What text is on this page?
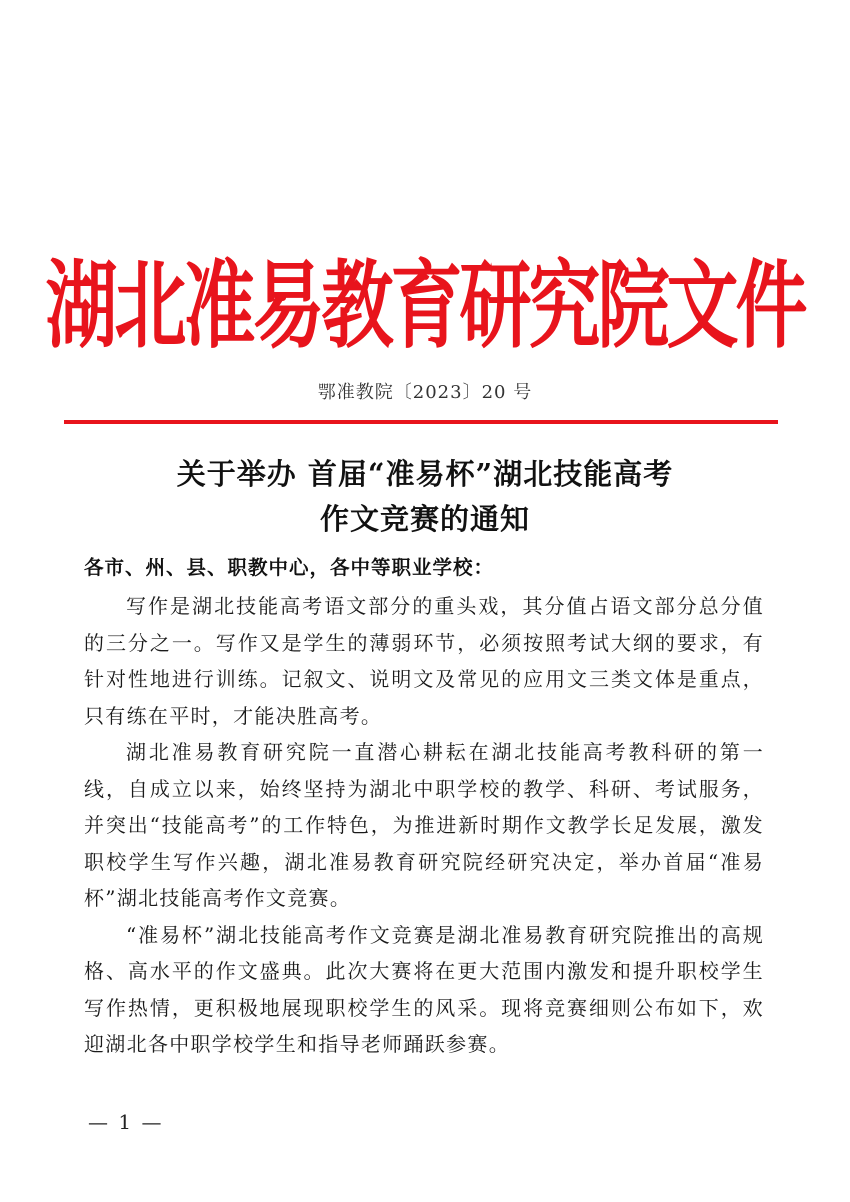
湖北准易教育研究院文件
鄂准教院〔2023〕20 号
关于举办 首届“准易杯”湖北技能高考
作文竞赛的通知
各市、州、县、职教中心，各中等职业学校：

写作是湖北技能高考语文部分的重头戏，其分值占语文部分总分值的三分之一。写作又是学生的薄弱环节，必须按照考试大纲的要求，有针对性地进行训练。记叙文、说明文及常见的应用文三类文体是重点，只有练在平时，才能决胜高考。

湖北准易教育研究院一直潜心耕耘在湖北技能高考教科研的第一线，自成立以来，始终坚持为湖北中职学校的教学、科研、考试服务，并突出“技能高考”的工作特色，为推进新时期作文教学长足发展，激发职校学生写作兴趣，湖北准易教育研究院经研究决定，举办首届“准易杯”湖北技能高考作文竞赛。

“准易杯”湖北技能高考作文竞赛是湖北准易教育研究院推出的高规格、高水平的作文盛典。此次大赛将在更大范围内激发和提升职校学生写作热情，更积极地展现职校学生的风采。现将竞赛细则公布如下，欢迎湖北各中职学校学生和指导老师踊跃参赛。

— 1 —
